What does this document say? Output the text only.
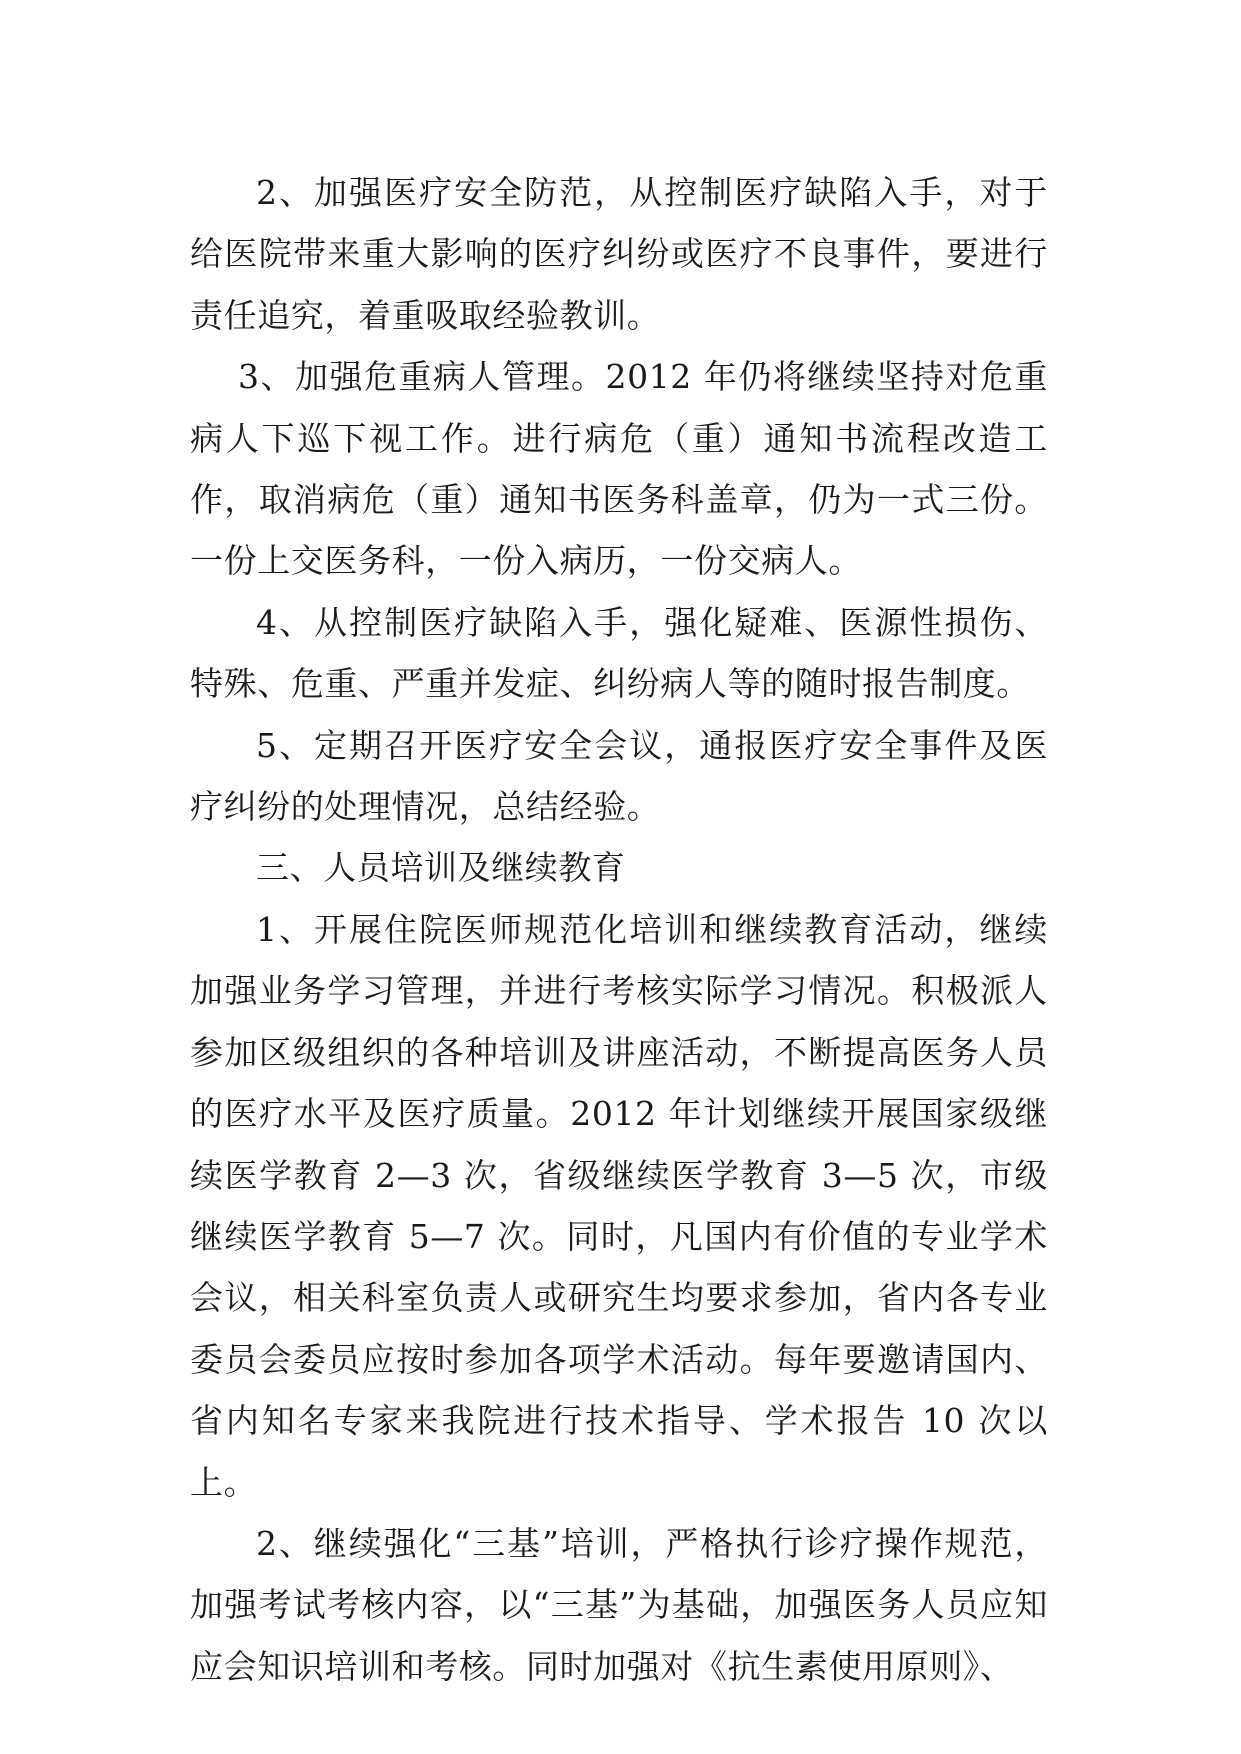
2、加强医疗安全防范，从控制医疗缺陷入手，对于给医院带来重大影响的医疗纠纷或医疗不良事件，要进行责任追究，着重吸取经验教训。

3、加强危重病人管理。2012 年仍将继续坚持对危重病人下巡下视工作。进行病危（重）通知书流程改造工作，取消病危（重）通知书医务科盖章，仍为一式三份。一份上交医务科，一份入病历，一份交病人。

4、从控制医疗缺陷入手，强化疑难、医源性损伤、特殊、危重、严重并发症、纠纷病人等的随时报告制度。

5、定期召开医疗安全会议，通报医疗安全事件及医疗纠纷的处理情况，总结经验。

三、人员培训及继续教育

1、开展住院医师规范化培训和继续教育活动，继续加强业务学习管理，并进行考核实际学习情况。积极派人参加区级组织的各种培训及讲座活动，不断提高医务人员的医疗水平及医疗质量。2012 年计划继续开展国家级继续医学教育 2—3 次，省级继续医学教育 3—5 次，市级继续医学教育 5—7 次。同时，凡国内有价值的专业学术会议，相关科室负责人或研究生均要求参加，省内各专业委员会委员应按时参加各项学术活动。每年要邀请国内、省内知名专家来我院进行技术指导、学术报告 10 次以上。

2、继续强化“三基”培训，严格执行诊疗操作规范，加强考试考核内容，以“三基”为基础，加强医务人员应知应会知识培训和考核。同时加强对《抗生素使用原则》、
